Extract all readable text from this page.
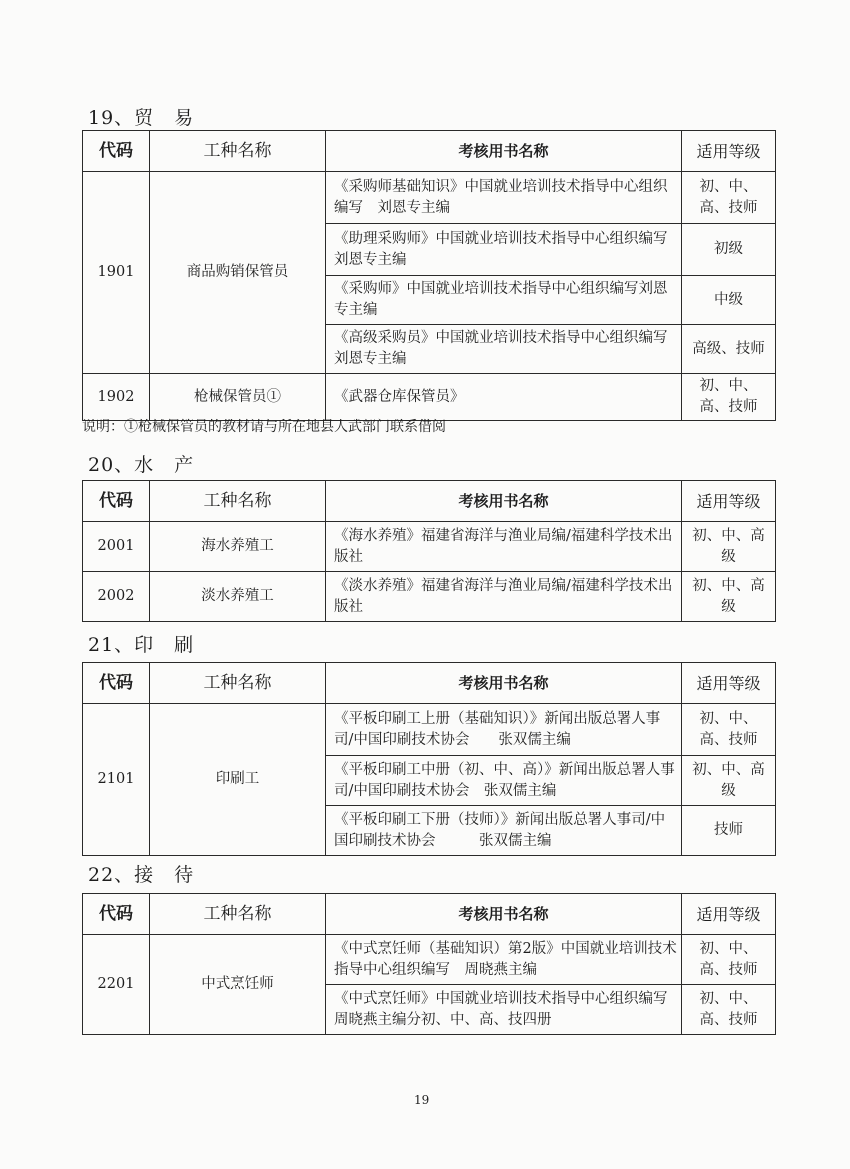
19、贸　易
代码	工种名称	考核用书名称	适用等级
1901	商品购销保管员	《采购师基础知识》中国就业培训技术指导中心组织编写　刘恩专主编	初、中、高、技师
		《助理采购师》中国就业培训技术指导中心组织编写　刘恩专主编	初级
		《采购师》中国就业培训技术指导中心组织编写刘恩专主编	中级
		《高级采购员》中国就业培训技术指导中心组织编写　刘恩专主编	高级、技师
1902	枪械保管员①	《武器仓库保管员》	初、中、高、技师
说明：①枪械保管员的教材请与所在地县人武部门联系借阅
20、水　产
代码	工种名称	考核用书名称	适用等级
2001	海水养殖工	《海水养殖》福建省海洋与渔业局编/福建科学技术出版社	初、中、高级
2002	淡水养殖工	《淡水养殖》福建省海洋与渔业局编/福建科学技术出版社	初、中、高级
21、印　刷
代码	工种名称	考核用书名称	适用等级
2101	印刷工	《平板印刷工上册（基础知识）》新闻出版总署人事司/中国印刷技术协会　　张双儒主编	初、中、高、技师
		《平板印刷工中册（初、中、高）》新闻出版总署人事司/中国印刷技术协会　张双儒主编	初、中、高级
		《平板印刷工下册（技师）》新闻出版总署人事司/中国印刷技术协会　　　张双儒主编	技师
22、接　待
代码	工种名称	考核用书名称	适用等级
2201	中式烹饪师	《中式烹饪师（基础知识）第2版》中国就业培训技术指导中心组织编写　周晓燕主编	初、中、高、技师
		《中式烹饪师》中国就业培训技术指导中心组织编写　周晓燕主编分初、中、高、技四册	初、中、高、技师
19
